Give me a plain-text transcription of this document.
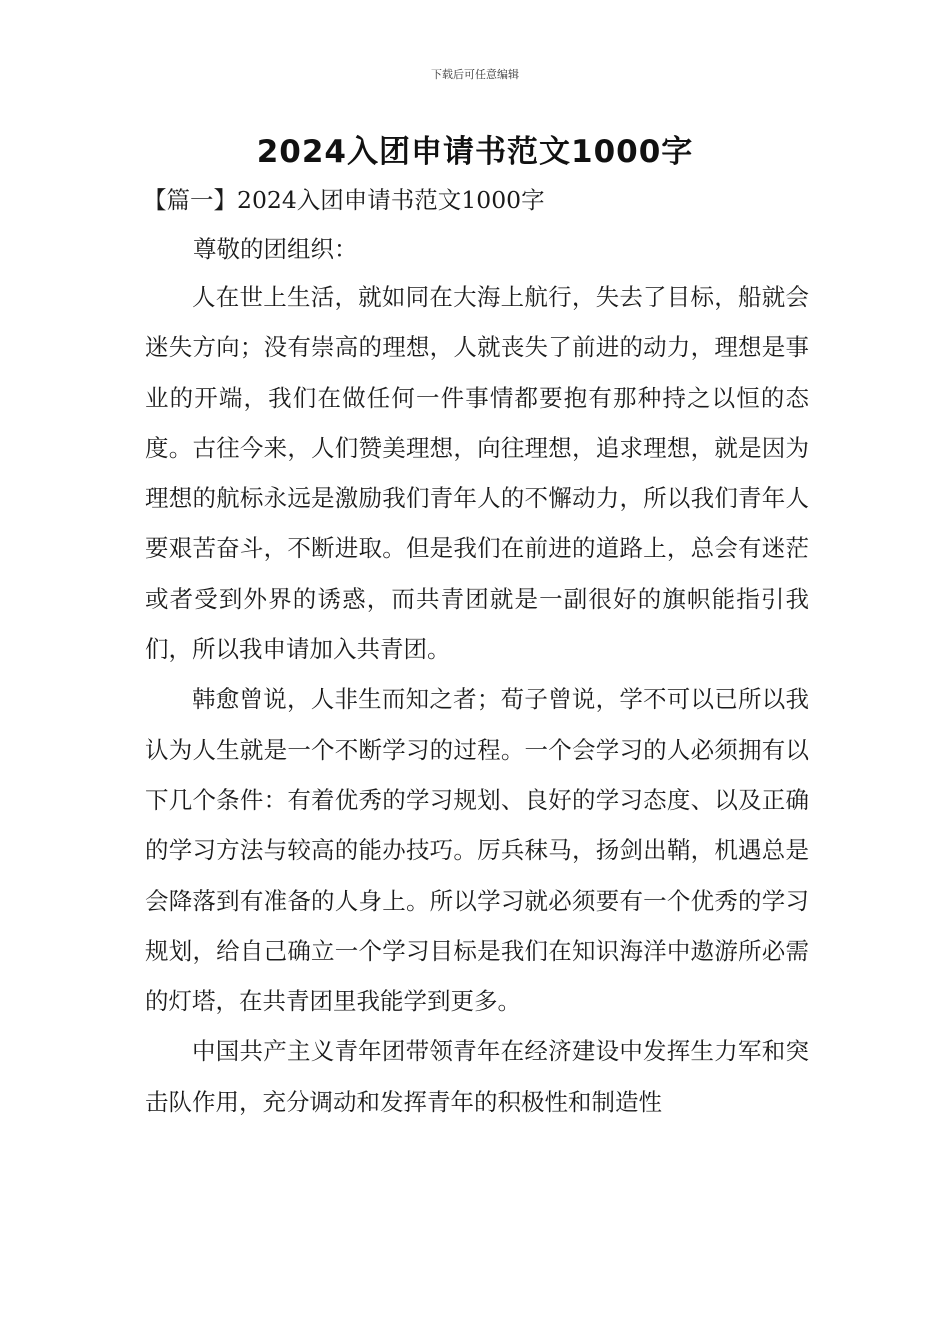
下载后可任意编辑
2024入团申请书范文1000字
【篇一】2024入团申请书范文1000字
尊敬的团组织：

人在世上生活，就如同在大海上航行，失去了目标，船就会迷失方向；没有崇高的理想，人就丧失了前进的动力，理想是事业的开端，我们在做任何一件事情都要抱有那种持之以恒的态度。古往今来，人们赞美理想，向往理想，追求理想，就是因为理想的航标永远是激励我们青年人的不懈动力，所以我们青年人要艰苦奋斗，不断进取。但是我们在前进的道路上，总会有迷茫或者受到外界的诱惑，而共青团就是一副很好的旗帜能指引我们，所以我申请加入共青团。

韩愈曾说，人非生而知之者；荀子曾说，学不可以已所以我认为人生就是一个不断学习的过程。一个会学习的人必须拥有以下几个条件：有着优秀的学习规划、良好的学习态度、以及正确的学习方法与较高的能办技巧。厉兵秣马，扬剑出鞘，机遇总是会降落到有准备的人身上。所以学习就必须要有一个优秀的学习规划，给自己确立一个学习目标是我们在知识海洋中遨游所必需的灯塔，在共青团里我能学到更多。

中国共产主义青年团带领青年在经济建设中发挥生力军和突击队作用，充分调动和发挥青年的积极性和制造性
